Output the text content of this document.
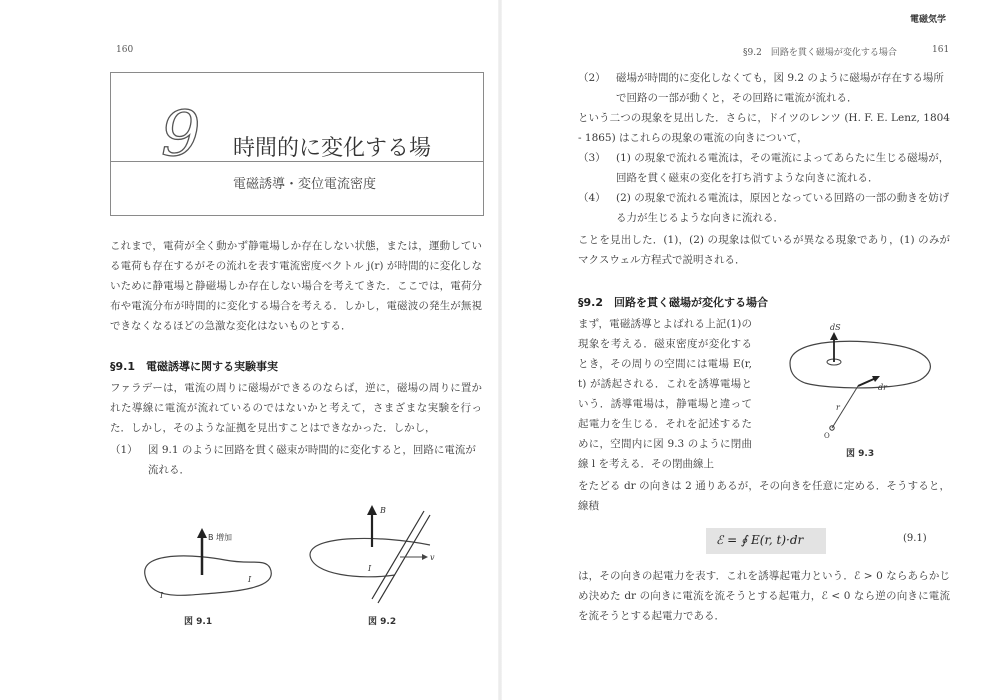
160
9 時間的に変化する場
電磁誘導・変位電流密度

これまで，電荷が全く動かず静電場しか存在しない状態，または，運動している電荷も存在するがその流れを表す電流密度ベクトル j(r) が時間的に変化しないために静電場と静磁場しか存在しない場合を考えてきた．ここでは，電荷分布や電流分布が時間的に変化する場合を考える．しかし，電磁波の発生が無視できなくなるほどの急激な変化はないものとする．

§9.1　電磁誘導に関する実験事実

ファラデーは，電流の周りに磁場ができるのならば，逆に，磁場の周りに置かれた導線に電流が流れているのではないかと考えて，さまざまな実験を行った．しかし，そのような証拠を見出すことはできなかった．しかし，

（1） 図 9.1 のように回路を貫く磁束が時間的に変化すると，回路に電流が流れる．
B 増加
I
I
図 9.1
B
v
I
図 9.2
電磁気学
§9.2　回路を貫く磁場が変化する場合	161
（2） 磁場が時間的に変化しなくても，図 9.2 のように磁場が存在する場所で回路の一部が動くと，その回路に電流が流れる．

という二つの現象を見出した．さらに，ドイツのレンツ (H. F. E. Lenz, 1804 - 1865) はこれらの現象の電流の向きについて，

（3） (1) の現象で流れる電流は，その電流によってあらたに生じる磁場が，回路を貫く磁束の変化を打ち消すような向きに流れる．
（4） (2) の現象で流れる電流は，原因となっている回路の一部の動きを妨げる力が生じるような向きに流れる．

ことを見出した．(1)，(2) の現象は似ているが異なる現象であり，(1) のみがマクスウェル方程式で説明される．

§9.2　回路を貫く磁場が変化する場合

まず，電磁誘導とよばれる上記(1)の現象を考える．磁束密度が変化するとき，その周りの空間には電場 E(r, t) が誘起される．これを誘導電場という．誘導電場は，静電場と違って起電力を生じる．それを記述するために，空間内に図 9.3 のように閉曲線 l を考える．その閉曲線上

dS
dr
r
O
図 9.3

をたどる dr の向きは 2 通りあるが，その向きを任意に定める．そうすると，線積

ℰ = ∮ E(r, t)·dr	(9.1)

は，その向きの起電力を表す．これを誘導起電力という．ℰ > 0 ならあらかじめ決めた dr の向きに電流を流そうとする起電力，ℰ < 0 なら逆の向きに電流を流そうとする起電力である．
